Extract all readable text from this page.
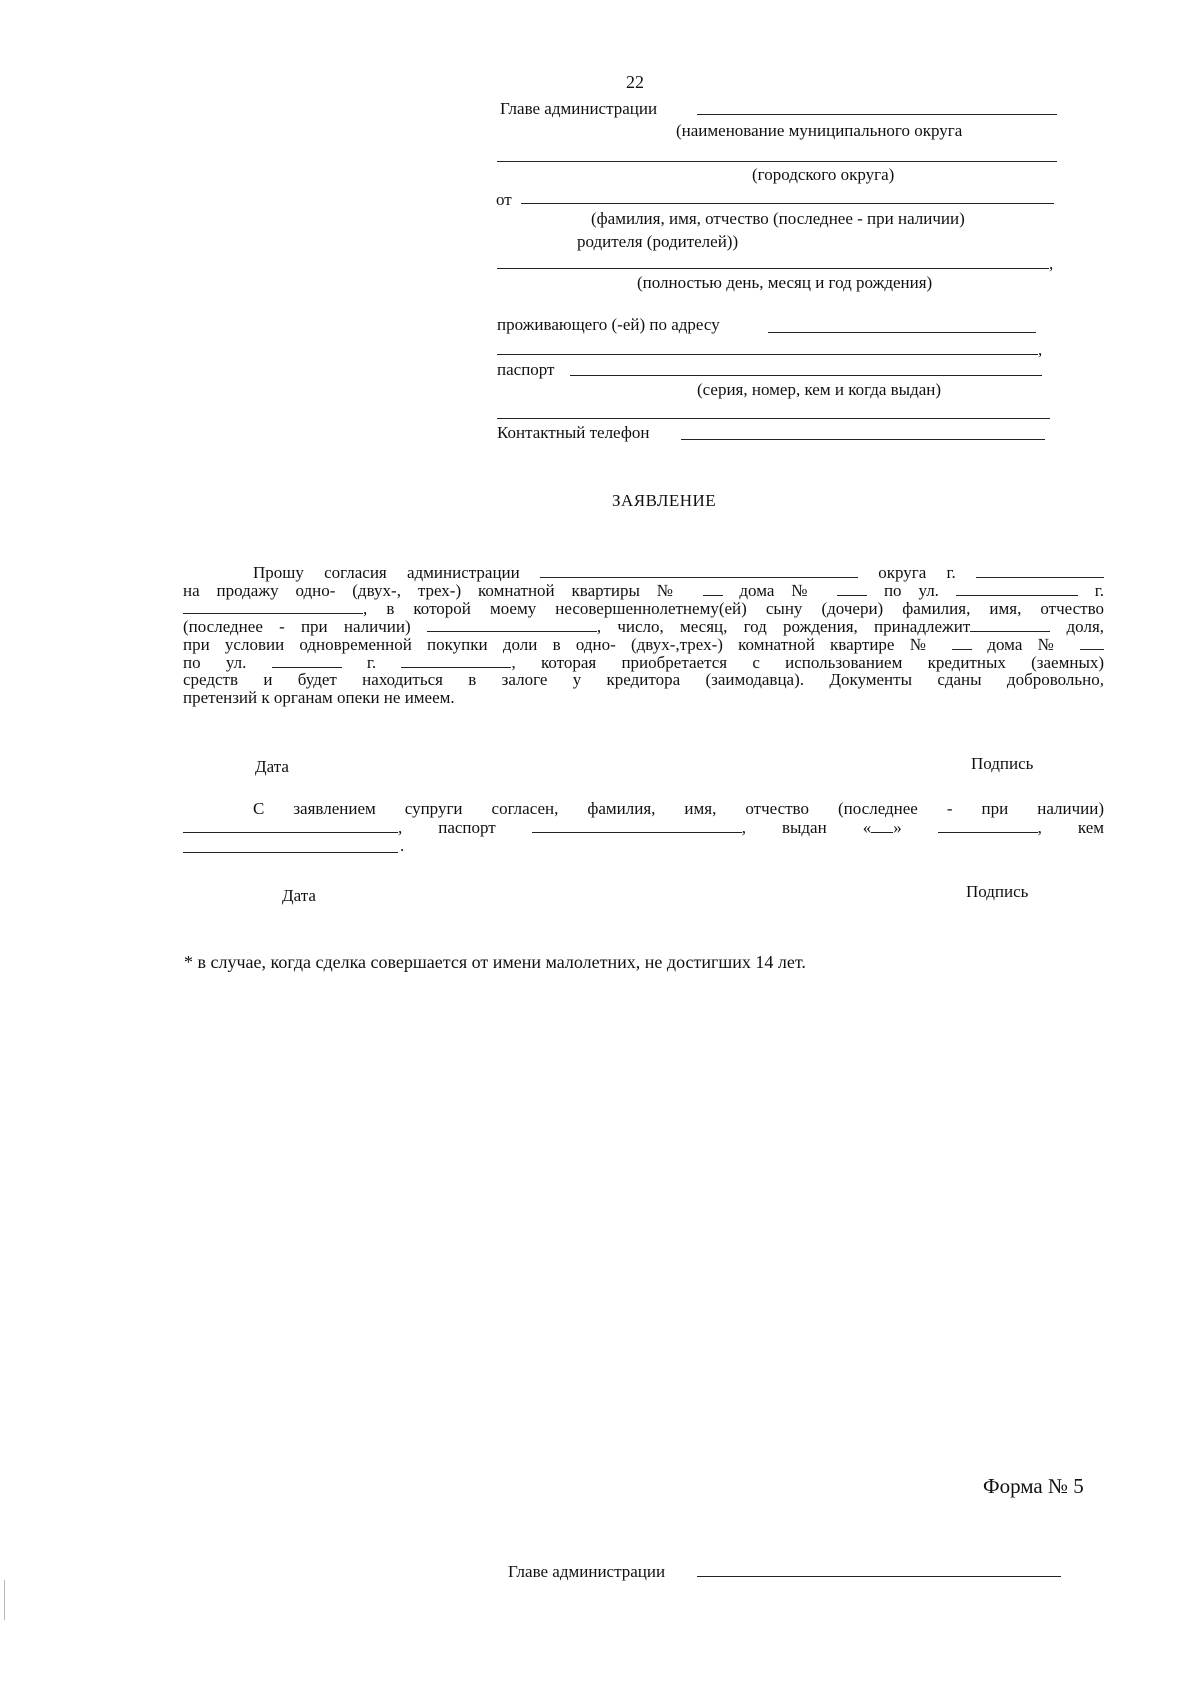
22
Главе администрации
(наименование муниципального округа
(городского округа)
от
(фамилия, имя, отчество (последнее - при наличии)
родителя (родителей))
,
(полностью день, месяц и год рождения)
проживающего (-ей) по адресу
,
паспорт
(серия, номер, кем и когда выдан)
Контактный телефон
ЗАЯВЛЕНИЕ
Прошу согласия администрации	округа г.
на продажу одно- (двух-, трех-) комнатной квартиры №	дома №	по ул.	г.
, в которой моему несовершеннолетнему(ей) сыну (дочери) фамилия, имя, отчество
(последнее - при наличии)	, число, месяц, год рождения, принадлежит	доля,
при условии одновременной покупки доли в одно- (двух-,трех-) комнатной квартире №	дома №
по ул.	г.	, которая приобретается с использованием кредитных (заемных)
средств и будет находиться в залоге у кредитора (заимодавца). Документы сданы добровольно,
претензий к органам опеки не имеем.
Дата	Подпись
С заявлением супруги согласен, фамилия, имя, отчество (последнее - при наличии)
, паспорт	, выдан « »	, кем
.
Дата	Подпись
* в случае, когда сделка совершается от имени малолетних, не достигших 14 лет.
Форма № 5
Главе администрации
